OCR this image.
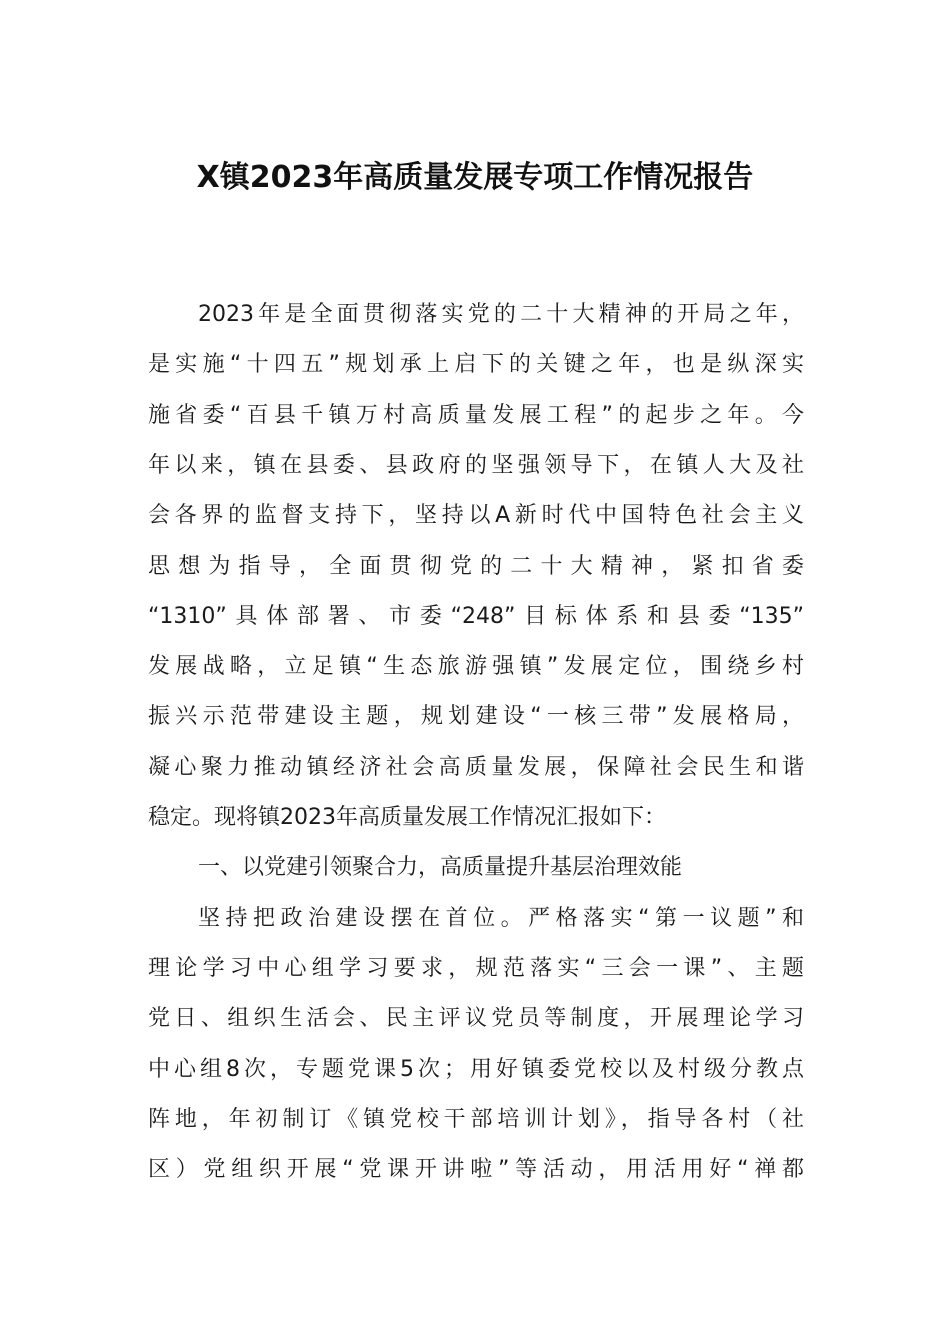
X镇2023年高质量发展专项工作情况报告
2023年是全面贯彻落实党的二十大精神的开局之年，
是实施“十四五”规划承上启下的关键之年，也是纵深实
施省委“百县千镇万村高质量发展工程”的起步之年。今
年以来，镇在县委、县政府的坚强领导下，在镇人大及社
会各界的监督支持下，坚持以A新时代中国特色社会主义
思想为指导，全面贯彻党的二十大精神，紧扣省委
“1310”具体部署、市委“248”目标体系和县委“135”
发展战略，立足镇“生态旅游强镇”发展定位，围绕乡村
振兴示范带建设主题，规划建设“一核三带”发展格局，
凝心聚力推动镇经济社会高质量发展，保障社会民生和谐
稳定。现将镇2023年高质量发展工作情况汇报如下：
一、以党建引领聚合力，高质量提升基层治理效能
坚持把政治建设摆在首位。严格落实“第一议题”和
理论学习中心组学习要求，规范落实“三会一课”、主题
党日、组织生活会、民主评议党员等制度，开展理论学习
中心组8次，专题党课5次；用好镇委党校以及村级分教点
阵地，年初制订《镇党校干部培训计划》，指导各村（社
区）党组织开展“党课开讲啦”等活动，用活用好“禅都
